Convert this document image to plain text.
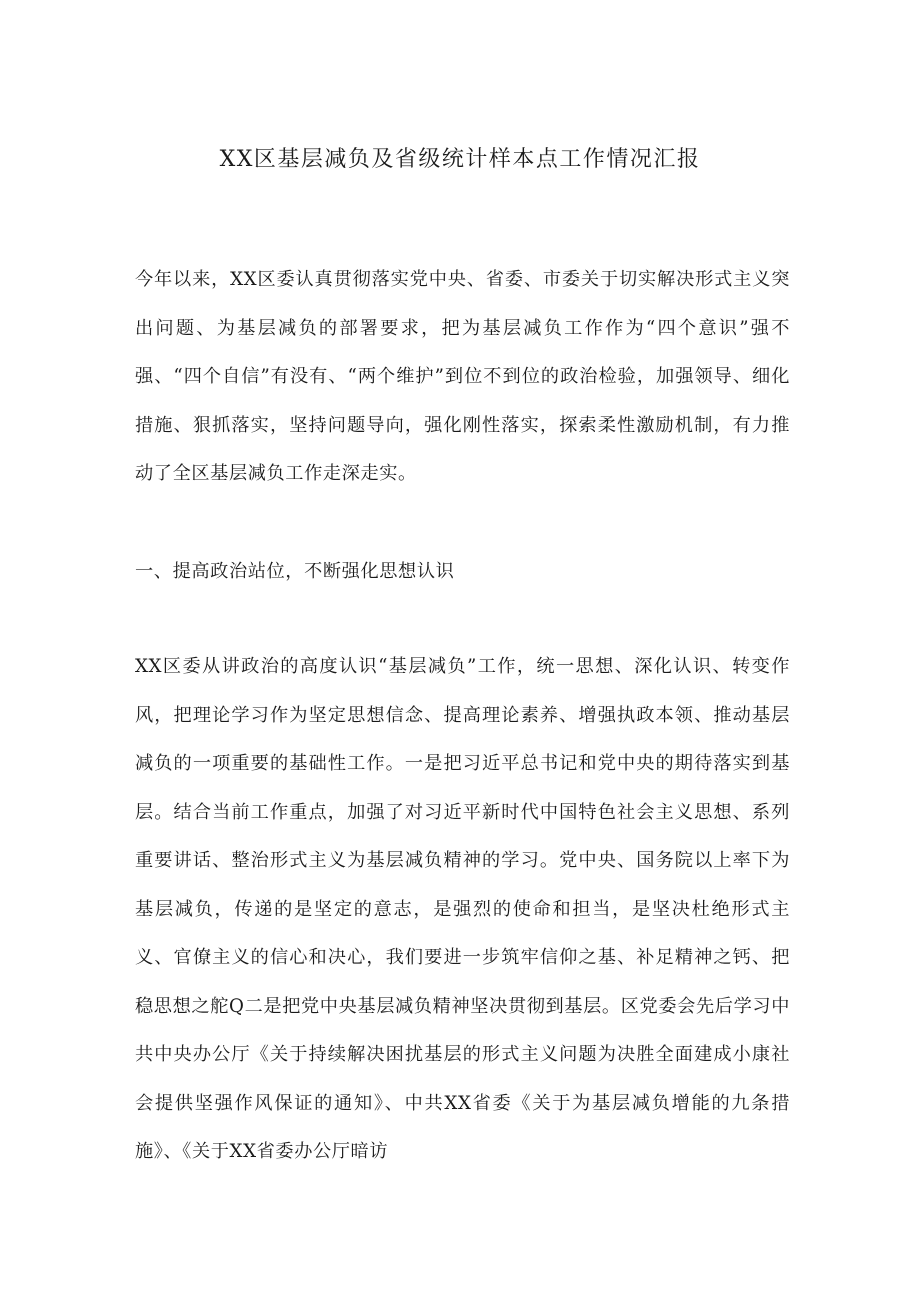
XX区基层减负及省级统计样本点工作情况汇报

今年以来，XX区委认真贯彻落实党中央、省委、市委关于切实解决形式主义突出问题、为基层减负的部署要求，把为基层减负工作作为“四个意识”强不强、“四个自信”有没有、“两个维护”到位不到位的政治检验，加强领导、细化措施、狠抓落实，坚持问题导向，强化刚性落实，探索柔性激励机制，有力推动了全区基层减负工作走深走实。

一、提高政治站位，不断强化思想认识

XX区委从讲政治的高度认识“基层减负”工作，统一思想、深化认识、转变作风，把理论学习作为坚定思想信念、提高理论素养、增强执政本领、推动基层减负的一项重要的基础性工作。一是把习近平总书记和党中央的期待落实到基层。结合当前工作重点，加强了对习近平新时代中国特色社会主义思想、系列重要讲话、整治形式主义为基层减负精神的学习。党中央、国务院以上率下为基层减负，传递的是坚定的意志，是强烈的使命和担当，是坚决杜绝形式主义、官僚主义的信心和决心，我们要进一步筑牢信仰之基、补足精神之钙、把稳思想之舵Q二是把党中央基层减负精神坚决贯彻到基层。区党委会先后学习中共中央办公厅《关于持续解决困扰基层的形式主义问题为决胜全面建成小康社会提供坚强作风保证的通知》、中共XX省委《关于为基层减负增能的九条措施》、《关于XX省委办公厅暗访
